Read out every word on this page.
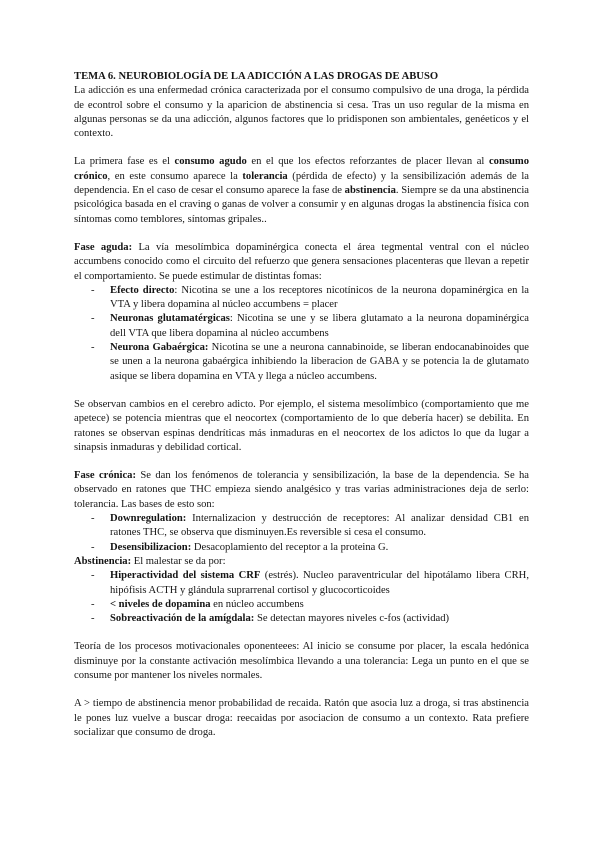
TEMA 6. NEUROBIOLOGÍA DE LA ADICCIÓN A LAS DROGAS DE ABUSO

La adicción es una enfermedad crónica caracterizada por el consumo compulsivo de una droga, la pérdida de econtrol sobre el consumo y la aparicion de abstinencia si cesa. Tras un uso regular de la misma en algunas personas se da una adicción, algunos factores que lo pridisponen son ambientales, genéeticos y el contexto.

La primera fase es el consumo agudo en el que los efectos reforzantes de placer llevan al consumo crónico, en este consumo aparece la tolerancia (pérdida de efecto) y la sensibilización además de la dependencia. En el caso de cesar el consumo aparece la fase de abstinencia. Siempre se da una abstinencia psicológica basada en el craving o ganas de volver a consumir y en algunas drogas la abstinencia física con síntomas como temblores, síntomas gripales..

Fase aguda: La vía mesolímbica dopaminérgica conecta el área tegmental ventral con el núcleo accumbens conocido como el circuito del refuerzo que genera sensaciones placenteras que llevan a repetir el comportamiento. Se puede estimular de distintas fomas:

- Efecto directo: Nicotina se une a los receptores nicotínicos de la neurona dopaminérgica en la VTA y libera dopamina al núcleo accumbens = placer
- Neuronas glutamatérgicas: Nicotina se une y se libera glutamato a la neurona dopaminérgica dell VTA que libera dopamina al núcleo accumbens
- Neurona Gabaérgica: Nicotina se une a neurona cannabinoide, se liberan endocanabinoides que se unen a la neurona gabaérgica inhibiendo la liberacion de GABA y se potencia la de glutamato asique se libera dopamina en VTA y llega a núcleo accumbens.

Se observan cambios en el cerebro adicto. Por ejemplo, el sistema mesolímbico (comportamiento que me apetece) se potencia mientras que el neocortex (comportamiento de lo que debería hacer) se debilita. En ratones se observan espinas dendríticas más inmaduras en el neocortex de los adictos lo que da lugar a sinapsis inmaduras y debilidad cortical.

Fase crónica: Se dan los fenómenos de tolerancia y sensibilización, la base de la dependencia. Se ha observado en ratones que THC empieza siendo analgésico y tras varias administraciones deja de serlo: tolerancia. Las bases de esto son:

- Downregulation: Internalizacion y destrucción de receptores: Al analizar densidad CB1 en ratones THC, se observa que disminuyen.Es reversible si cesa el consumo.
- Desensibilizacion: Desacoplamiento del receptor a la proteina G.

Abstinencia: El malestar se da por:

- Hiperactividad del sistema CRF (estrés). Nucleo paraventricular del hipotálamo libera CRH, hipófisis ACTH y glándula suprarrenal cortisol y glucocorticoides
- < niveles de dopamina en núcleo accumbens
- Sobreactivación de la amígdala: Se detectan mayores niveles c-fos (actividad)

Teoría de los procesos motivacionales oponenteees: Al inicio se consume por placer, la escala hedónica disminuye por la constante activación mesolímbica llevando a una tolerancia: Lega un punto en el que se consume por mantener los niveles normales.

A > tiempo de abstinencia menor probabilidad de recaida. Ratón que asocia luz a droga, si tras abstinencia le pones luz vuelve a buscar droga: reecaidas por asociacion de consumo a un contexto. Rata prefiere socializar que consumo de droga.
